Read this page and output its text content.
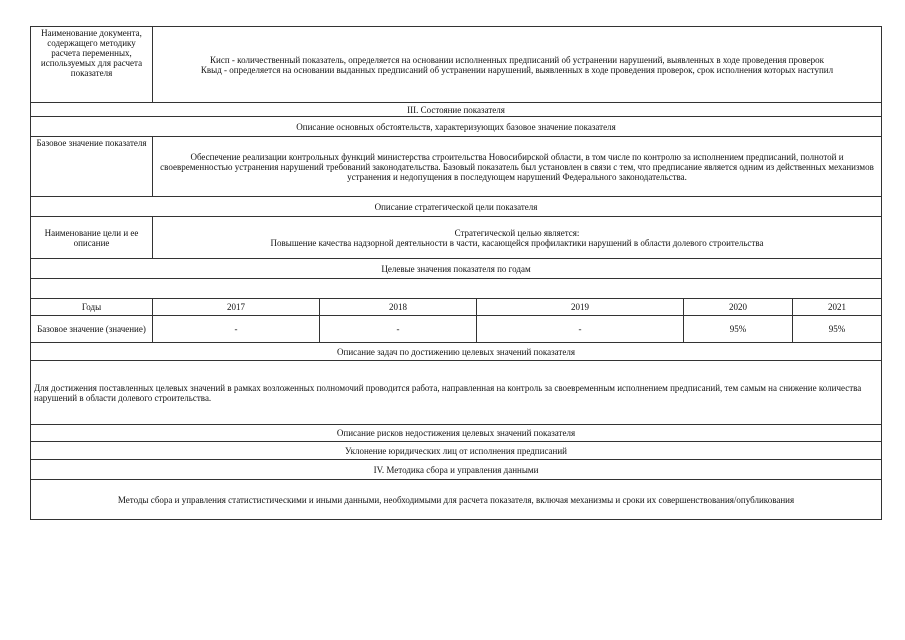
Наименование документа, содержащего методику расчета переменных, используемых для расчета показателя	Кисп - количественный показатель, определяется на основании исполненных предписаний об устранении нарушений, выявленных в ходе проведения проверок
Квыд - определяется на основании выданных предписаний об устранении нарушений, выявленных в ходе проведения проверок, срок исполнения которых наступил				

III. Состояние показателя					
Описание основных обстоятельств, характеризующих базовое значение показателя					
Базовое значение показателя	Обеспечение реализации контрольных функций министерства строительства Новосибирской области, в том числе по контролю за исполнением предписаний, полнотой и своевременностью устранения нарушений требований законодательства. Базовый показатель был установлен в связи с тем, что предписание является одним из действенных механизмов устранения и недопущения в последующем нарушений Федерального законодательства.				
Описание стратегической цели показателя					
Наименование цели и ее описание	Стратегической целью является:
Повышение качества надзорной деятельности в части, касающейся профилактики нарушений в области долевого строительства				

Целевые значения показателя по годам					

Годы	2017	2018	2019	2020	2021
Базовое значение (значение)	-	-	-	95%	95%
Описание задач по достижению целевых значений показателя					
Для достижения поставленных целевых значений в рамках возложенных полномочий проводится работа, направленная на контроль за своевременным исполнением предписаний, тем самым на снижение количества нарушений в области долевого строительства.					
Описание рисков недостижения целевых значений показателя					
Уклонение юридических лиц от исполнения предписаний					
IV. Методика сбора и управления данными					
Методы сбора и управления статистистическими и иными данными, необходимыми для расчета показателя, включая механизмы и сроки их совершенствования/опубликования					
